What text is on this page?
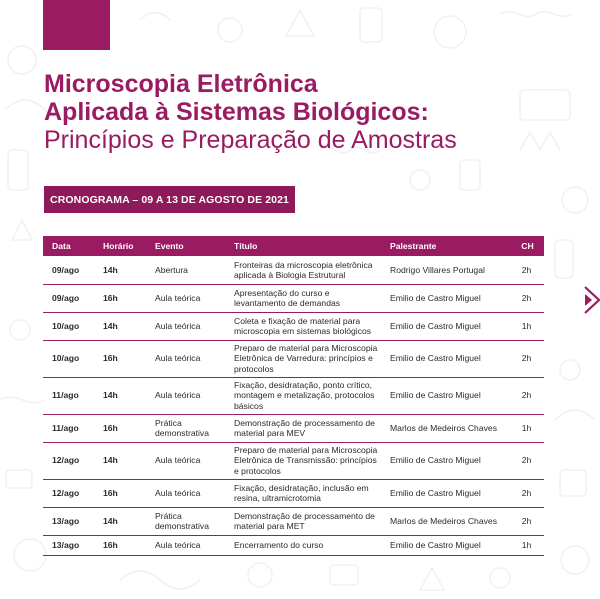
Microscopia Eletrônica
Aplicada à Sistemas Biológicos:
Princípios e Preparação de Amostras
CRONOGRAMA – 09 A 13 DE AGOSTO DE 2021
Data	Horário	Evento	Título	Palestrante	CH
09/ago	14h	Abertura	Fronteiras da microscopia eletrônica aplicada à Biologia Estrutural	Rodrigo Villares Portugal	2h
09/ago	16h	Aula teórica	Apresentação do curso e levantamento de demandas	Emilio de Castro Miguel	2h
10/ago	14h	Aula teórica	Coleta e fixação de material para microscopia em sistemas biológicos	Emilio de Castro Miguel	1h
10/ago	16h	Aula teórica	Preparo de material para Microscopia Eletrônica de Varredura: princípios e protocolos	Emilio de Castro Miguel	2h
11/ago	14h	Aula teórica	Fixação, desidratação, ponto crítico, montagem e metalização, protocolos básicos	Emilio de Castro Miguel	2h
11/ago	16h	Prática demonstrativa	Demonstração de processamento de material para MEV	Marlos de Medeiros Chaves	1h
12/ago	14h	Aula teórica	Preparo de material para Microscopia Eletrônica de Transmissão: princípios e protocolos	Emilio de Castro Miguel	2h
12/ago	16h	Aula teórica	Fixação, desidratação, inclusão em resina, ultramicrotomia	Emilio de Castro Miguel	2h
13/ago	14h	Prática demonstrativa	Demonstração de processamento de material para MET	Marlos de Medeiros Chaves	2h
13/ago	16h	Aula teórica	Encerramento do curso	Emilio de Castro Miguel	1h
